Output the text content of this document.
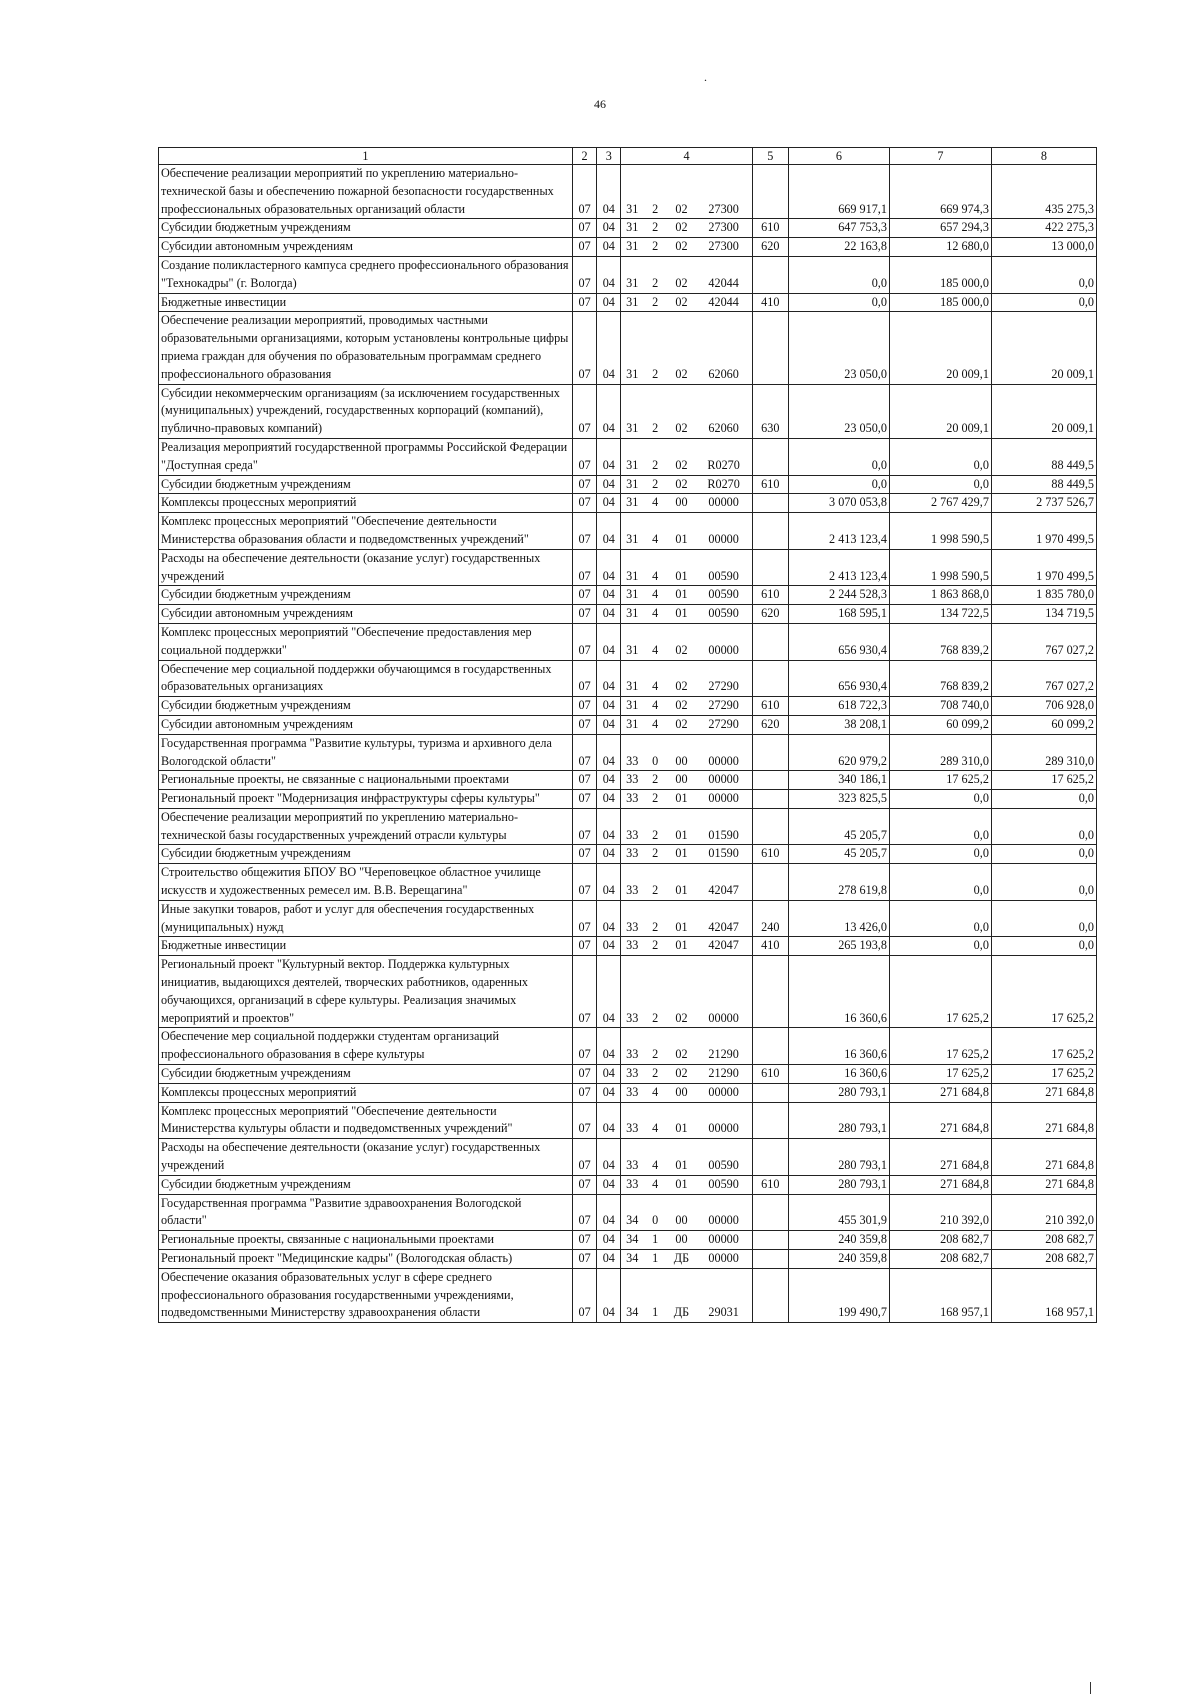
.
46
1	2	3	4				5	6	7	8
Обеспечение реализации мероприятий по укреплению материально-технической базы и обеспечению пожарной безопасности государственных профессиональных образовательных организаций области	07	04	31	2	02	27300		669 917,1	669 974,3	435 275,3
Субсидии бюджетным учреждениям	07	04	31	2	02	27300	610	647 753,3	657 294,3	422 275,3
Субсидии автономным учреждениям	07	04	31	2	02	27300	620	22 163,8	12 680,0	13 000,0
Создание поликластерного кампуса среднего профессионального образования "Технокадры" (г. Вологда)	07	04	31	2	02	42044		0,0	185 000,0	0,0
Бюджетные инвестиции	07	04	31	2	02	42044	410	0,0	185 000,0	0,0
Обеспечение реализации мероприятий, проводимых частными образовательными организациями, которым установлены контрольные цифры приема граждан для обучения по образовательным программам среднего профессионального образования	07	04	31	2	02	62060		23 050,0	20 009,1	20 009,1
Субсидии некоммерческим организациям (за исключением государственных (муниципальных) учреждений, государственных корпораций (компаний), публично-правовых компаний)	07	04	31	2	02	62060	630	23 050,0	20 009,1	20 009,1
Реализация мероприятий государственной программы Российской Федерации "Доступная среда"	07	04	31	2	02	R0270		0,0	0,0	88 449,5
Субсидии бюджетным учреждениям	07	04	31	2	02	R0270	610	0,0	0,0	88 449,5
Комплексы процессных мероприятий	07	04	31	4	00	00000		3 070 053,8	2 767 429,7	2 737 526,7
Комплекс процессных мероприятий "Обеспечение деятельности Министерства образования области и подведомственных учреждений"	07	04	31	4	01	00000		2 413 123,4	1 998 590,5	1 970 499,5
Расходы на обеспечение деятельности (оказание услуг) государственных учреждений	07	04	31	4	01	00590		2 413 123,4	1 998 590,5	1 970 499,5
Субсидии бюджетным учреждениям	07	04	31	4	01	00590	610	2 244 528,3	1 863 868,0	1 835 780,0
Субсидии автономным учреждениям	07	04	31	4	01	00590	620	168 595,1	134 722,5	134 719,5
Комплекс процессных мероприятий "Обеспечение предоставления мер социальной поддержки"	07	04	31	4	02	00000		656 930,4	768 839,2	767 027,2
Обеспечение мер социальной поддержки обучающимся в государственных образовательных организациях	07	04	31	4	02	27290		656 930,4	768 839,2	767 027,2
Субсидии бюджетным учреждениям	07	04	31	4	02	27290	610	618 722,3	708 740,0	706 928,0
Субсидии автономным учреждениям	07	04	31	4	02	27290	620	38 208,1	60 099,2	60 099,2
Государственная программа "Развитие культуры, туризма и архивного дела Вологодской области"	07	04	33	0	00	00000		620 979,2	289 310,0	289 310,0
Региональные проекты, не связанные с национальными проектами	07	04	33	2	00	00000		340 186,1	17 625,2	17 625,2
Региональный проект "Модернизация инфраструктуры сферы культуры"	07	04	33	2	01	00000		323 825,5	0,0	0,0
Обеспечение реализации мероприятий по укреплению материально-технической базы государственных учреждений отрасли культуры	07	04	33	2	01	01590		45 205,7	0,0	0,0
Субсидии бюджетным учреждениям	07	04	33	2	01	01590	610	45 205,7	0,0	0,0
Строительство общежития БПОУ ВО "Череповецкое областное училище искусств и художественных ремесел им. В.В. Верещагина"	07	04	33	2	01	42047		278 619,8	0,0	0,0
Иные закупки товаров, работ и услуг для обеспечения государственных (муниципальных) нужд	07	04	33	2	01	42047	240	13 426,0	0,0	0,0
Бюджетные инвестиции	07	04	33	2	01	42047	410	265 193,8	0,0	0,0
Региональный проект "Культурный вектор. Поддержка культурных инициатив, выдающихся деятелей, творческих работников, одаренных обучающихся, организаций в сфере культуры. Реализация значимых мероприятий и проектов"	07	04	33	2	02	00000		16 360,6	17 625,2	17 625,2
Обеспечение мер социальной поддержки студентам организаций профессионального образования в сфере культуры	07	04	33	2	02	21290		16 360,6	17 625,2	17 625,2
Субсидии бюджетным учреждениям	07	04	33	2	02	21290	610	16 360,6	17 625,2	17 625,2
Комплексы процессных мероприятий	07	04	33	4	00	00000		280 793,1	271 684,8	271 684,8
Комплекс процессных мероприятий "Обеспечение деятельности Министерства культуры области и подведомственных учреждений"	07	04	33	4	01	00000		280 793,1	271 684,8	271 684,8
Расходы на обеспечение деятельности (оказание услуг) государственных учреждений	07	04	33	4	01	00590		280 793,1	271 684,8	271 684,8
Субсидии бюджетным учреждениям	07	04	33	4	01	00590	610	280 793,1	271 684,8	271 684,8
Государственная программа "Развитие здравоохранения Вологодской области"	07	04	34	0	00	00000		455 301,9	210 392,0	210 392,0
Региональные проекты, связанные с национальными проектами	07	04	34	1	00	00000		240 359,8	208 682,7	208 682,7
Региональный проект "Медицинские кадры" (Вологодская область)	07	04	34	1	ДБ	00000		240 359,8	208 682,7	208 682,7
Обеспечение оказания образовательных услуг в сфере среднего профессионального образования государственными учреждениями, подведомственными Министерству здравоохранения области	07	04	34	1	ДБ	29031		199 490,7	168 957,1	168 957,1
